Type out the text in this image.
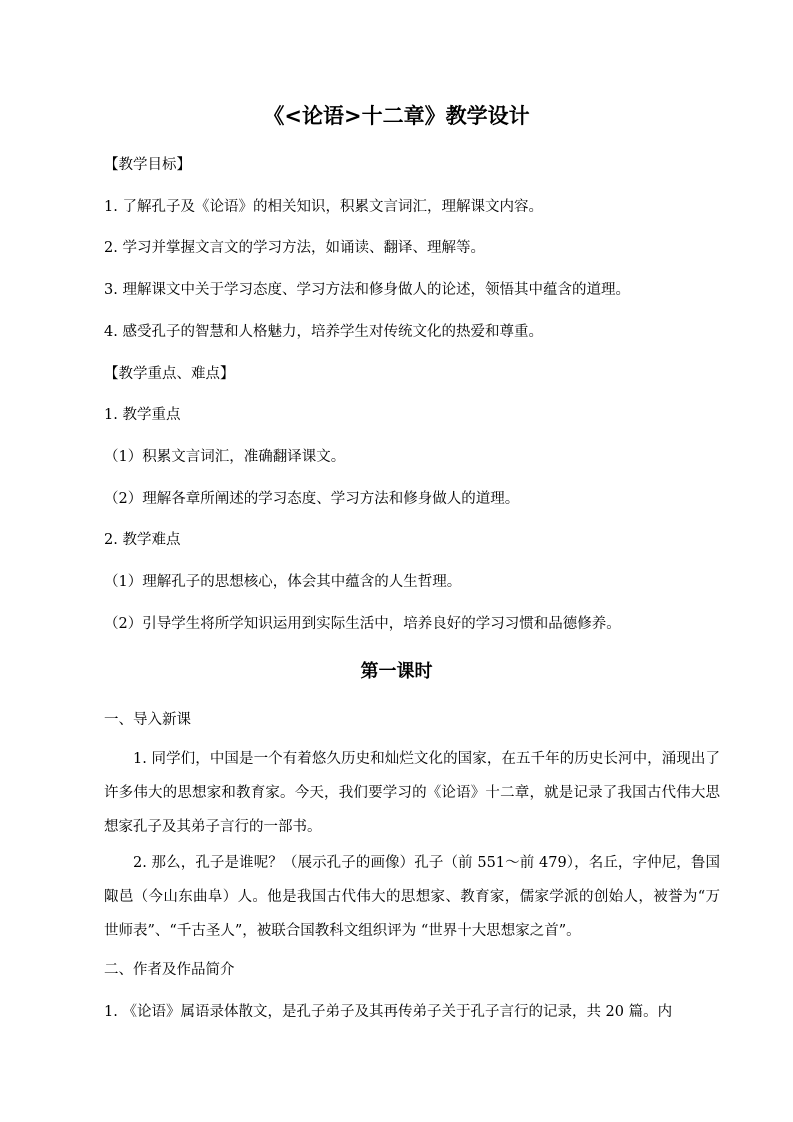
《<论语>十二章》教学设计
【教学目标】
1. 了解孔子及《论语》的相关知识，积累文言词汇，理解课文内容。
2. 学习并掌握文言文的学习方法，如诵读、翻译、理解等。
3. 理解课文中关于学习态度、学习方法和修身做人的论述，领悟其中蕴含的道理。
4. 感受孔子的智慧和人格魅力，培养学生对传统文化的热爱和尊重。
【教学重点、难点】
1. 教学重点
（1）积累文言词汇，准确翻译课文。
（2）理解各章所阐述的学习态度、学习方法和修身做人的道理。
2. 教学难点
（1）理解孔子的思想核心，体会其中蕴含的人生哲理。
（2）引导学生将所学知识运用到实际生活中，培养良好的学习习惯和品德修养。
第一课时
一、导入新课
1. 同学们，中国是一个有着悠久历史和灿烂文化的国家，在五千年的历史长河中，涌现出了许多伟大的思想家和教育家。今天，我们要学习的《论语》十二章，就是记录了我国古代伟大思想家孔子及其弟子言行的一部书。
2. 那么，孔子是谁呢？（展示孔子的画像）孔子（前 551～前 479），名丘，字仲尼，鲁国陬邑（今山东曲阜）人。他是我国古代伟大的思想家、教育家，儒家学派的创始人，被誉为“万世师表”、“千古圣人”，被联合国教科文组织评为 “世界十大思想家之首”。
二、作者及作品简介
1. 《论语》属语录体散文，是孔子弟子及其再传弟子关于孔子言行的记录，共 20 篇。内
